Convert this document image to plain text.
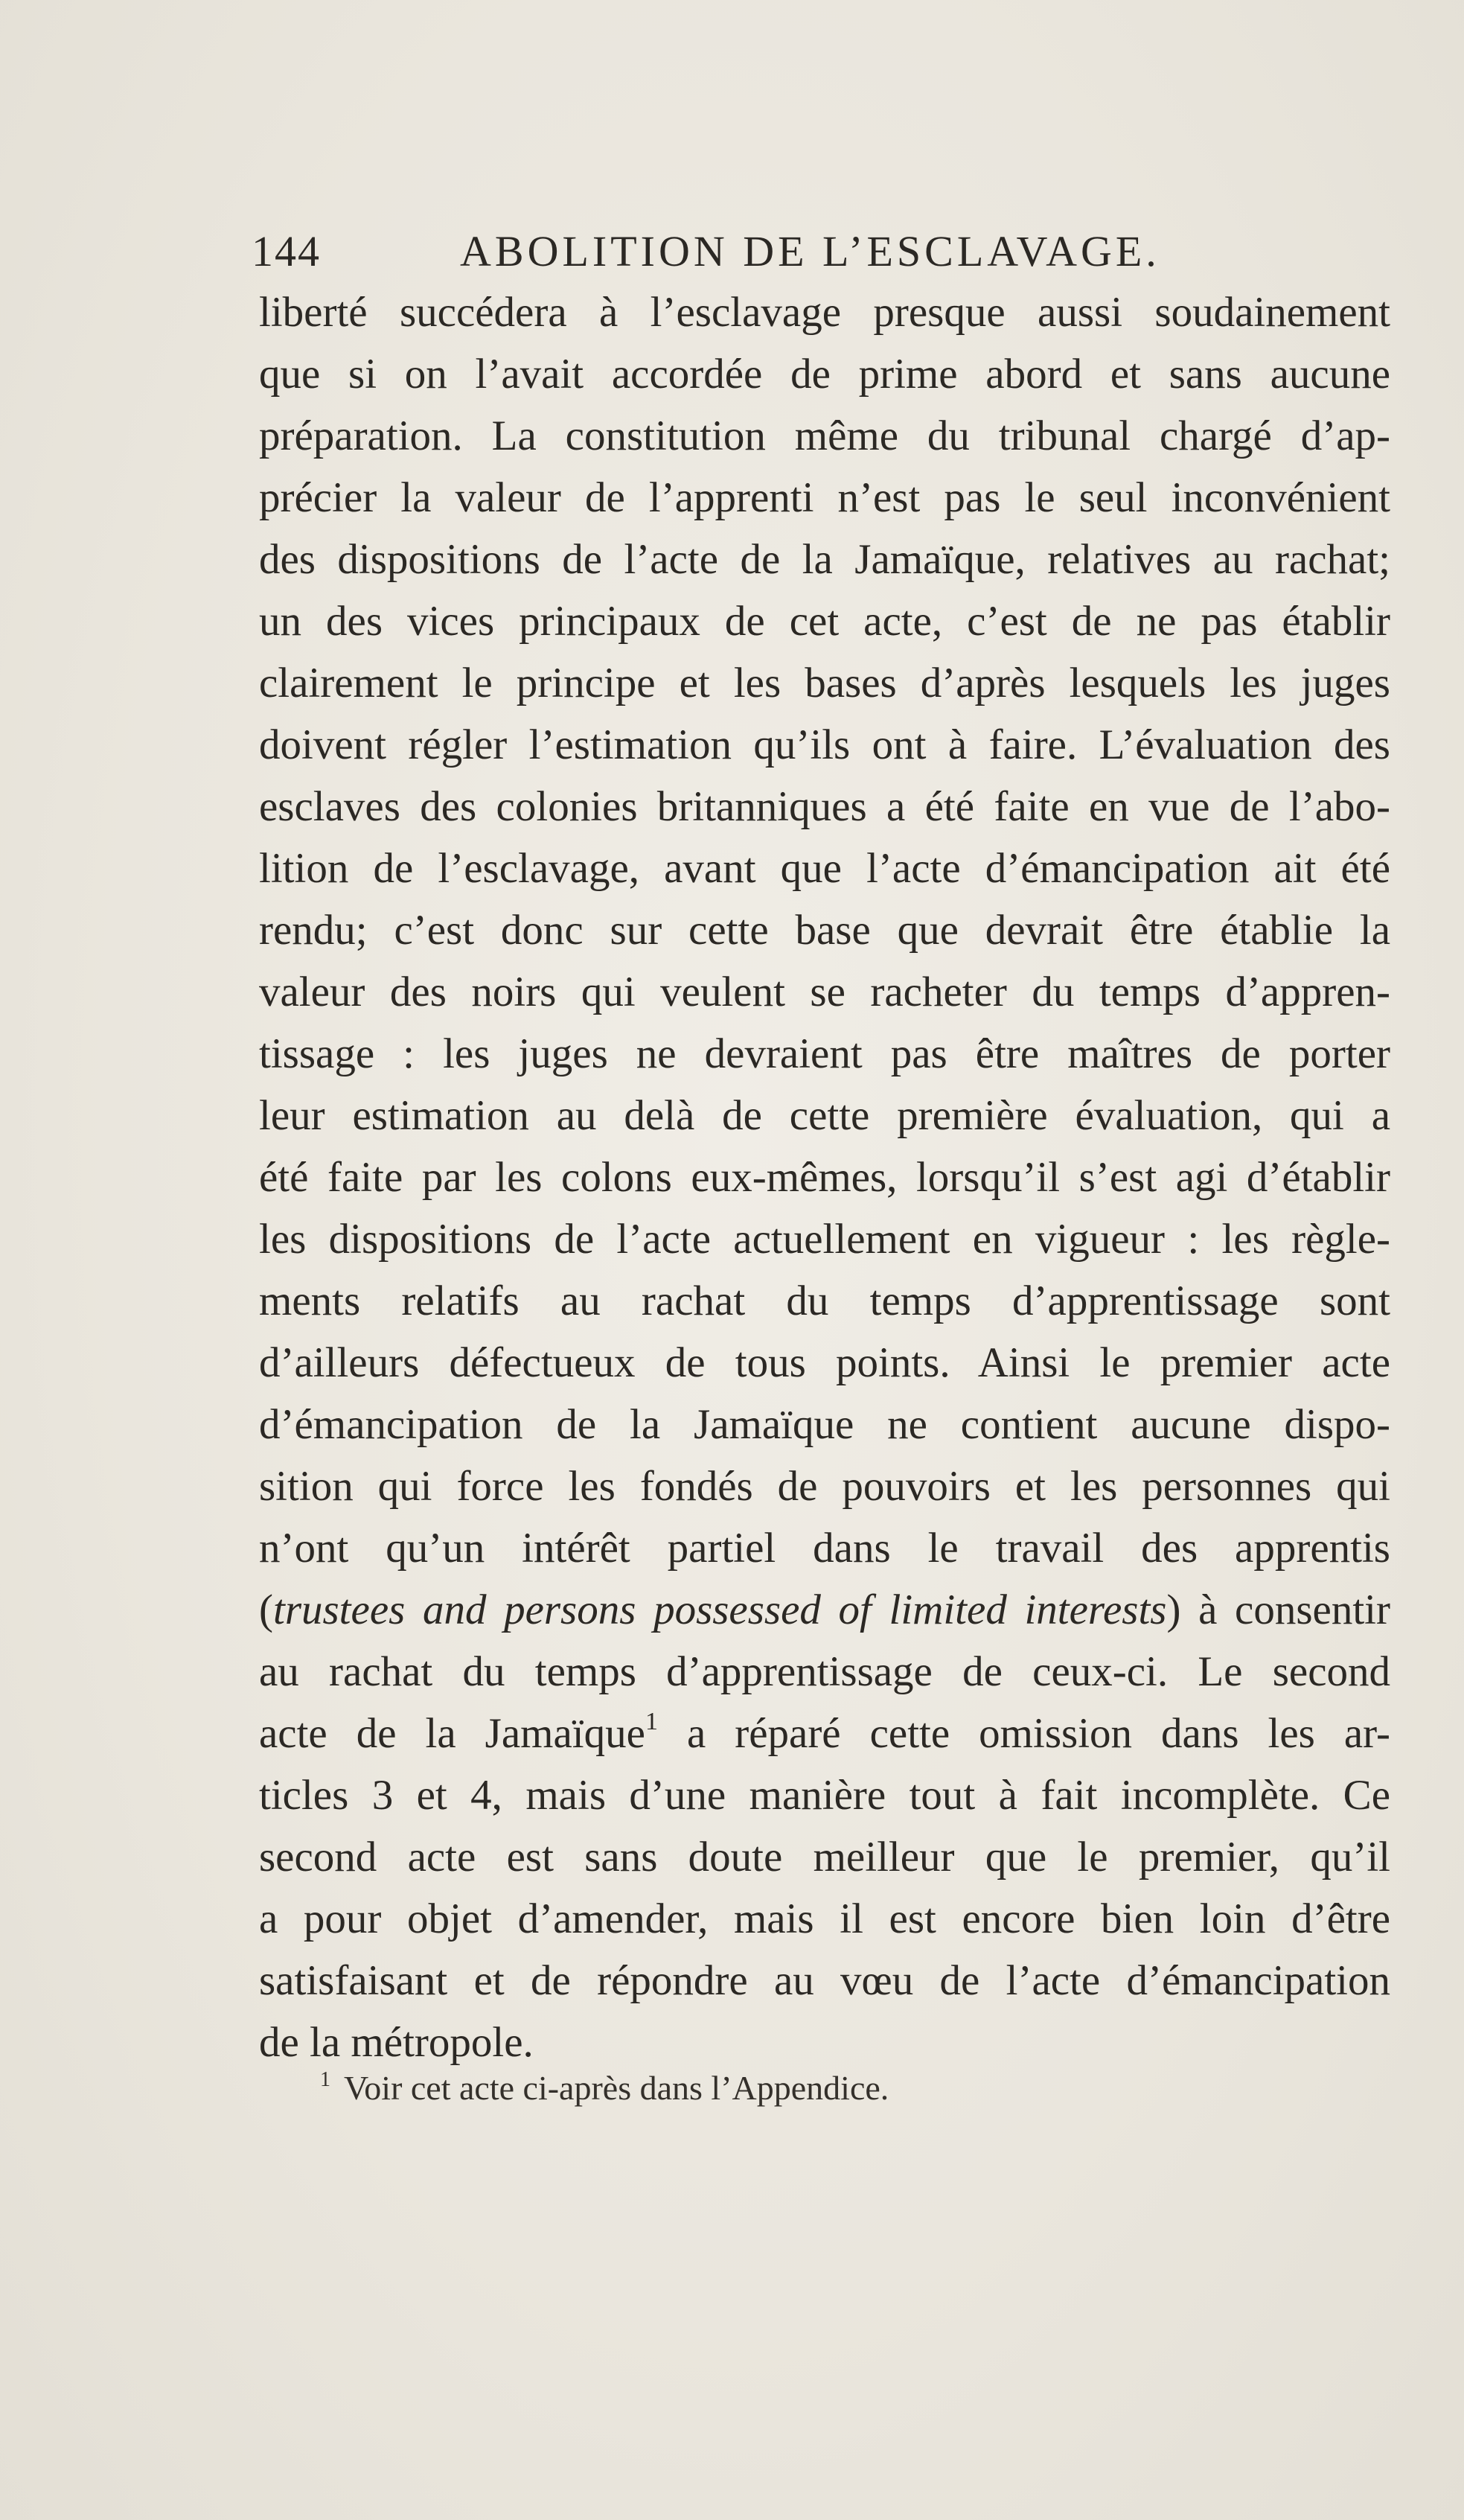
144	ABOLITION DE L’ESCLAVAGE.
liberté succédera à l’esclavage presque aussi soudainement
que si on l’avait accordée de prime abord et sans aucune
préparation. La constitution même du tribunal chargé d’ap-
précier la valeur de l’apprenti n’est pas le seul inconvénient
des dispositions de l’acte de la Jamaïque, relatives au rachat;
un des vices principaux de cet acte, c’est de ne pas établir
clairement le principe et les bases d’après lesquels les juges
doivent régler l’estimation qu’ils ont à faire. L’évaluation des
esclaves des colonies britanniques a été faite en vue de l’abo-
lition de l’esclavage, avant que l’acte d’émancipation ait été
rendu; c’est donc sur cette base que devrait être établie la
valeur des noirs qui veulent se racheter du temps d’appren-
tissage : les juges ne devraient pas être maîtres de porter
leur estimation au delà de cette première évaluation, qui a
été faite par les colons eux-mêmes, lorsqu’il s’est agi d’établir
les dispositions de l’acte actuellement en vigueur : les règle-
ments relatifs au rachat du temps d’apprentissage sont
d’ailleurs défectueux de tous points. Ainsi le premier acte
d’émancipation de la Jamaïque ne contient aucune dispo-
sition qui force les fondés de pouvoirs et les personnes qui
n’ont qu’un intérêt partiel dans le travail des apprentis
(trustees and persons possessed of limited interests) à consentir
au rachat du temps d’apprentissage de ceux-ci. Le second
acte de la Jamaïque$^1$ a réparé cette omission dans les ar-
ticles 3 et 4, mais d’une manière tout à fait incomplète. Ce
second acte est sans doute meilleur que le premier, qu’il
a pour objet d’amender, mais il est encore bien loin d’être
satisfaisant et de répondre au vœu de l’acte d’émancipation
de la métropole.
$^1$ Voir cet acte ci-après dans l’Appendice.
